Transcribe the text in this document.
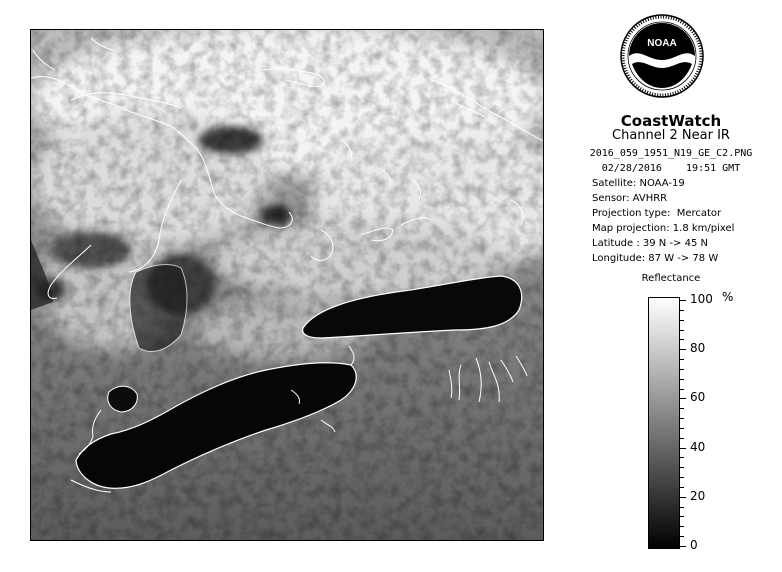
NOAA
CoastWatch
Channel 2 Near IR
2016_059_1951_N19_GE_C2.PNG
02/28/2016    19:51 GMT
Satellite: NOAA-19
Sensor: AVHRR
Projection type:  Mercator
Map projection: 1.8 km/pixel
Latitude : 39 N -> 45 N
Longitude: 87 W -> 78 W
Reflectance
100
80
60
40
20
0
%
